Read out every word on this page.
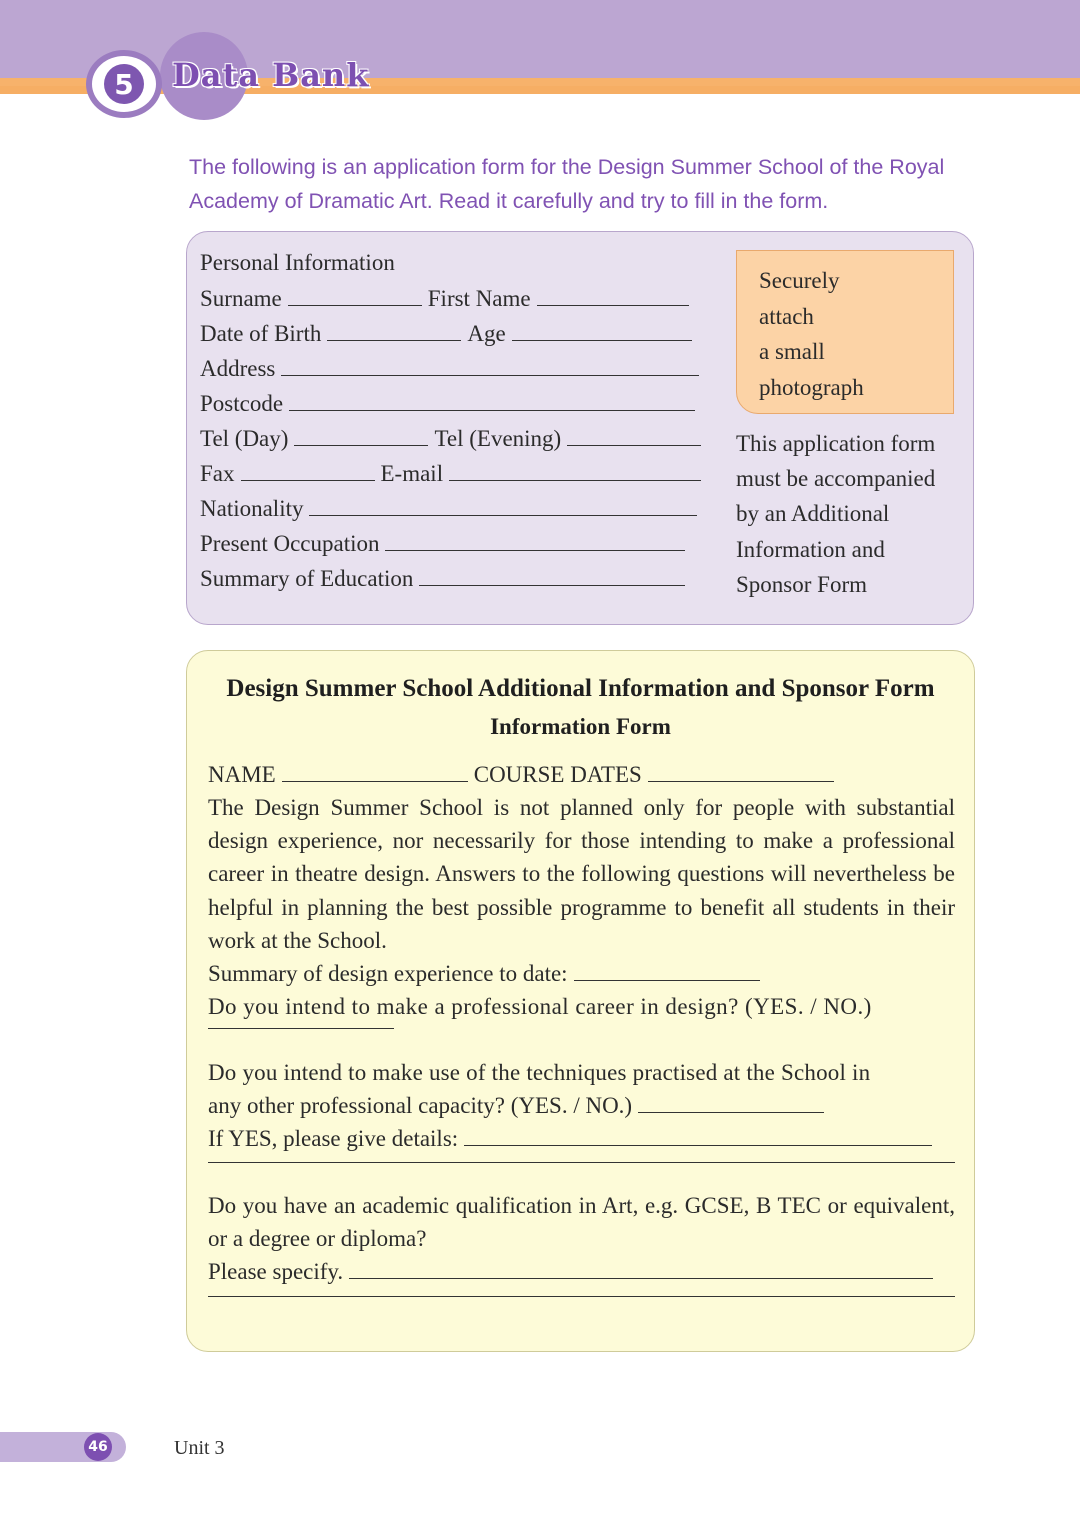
5	Data Bank

The following is an application form for the Design Summer School of the Royal Academy of Dramatic Art. Read it carefully and try to fill in the form.

Personal Information
Surname	First Name
Date of Birth	Age
Address
Postcode
Tel (Day)	Tel (Evening)
Fax	E-mail
Nationality
Present Occupation
Summary of Education
Securely
attach
a small
photograph
This application form
must be accompanied
by an Additional
Information and
Sponsor Form
Design Summer School Additional Information and Sponsor Form
Information Form
NAME	COURSE DATES
The Design Summer School is not planned only for people with substantial design experience, nor necessarily for those intending to make a professional career in theatre design. Answers to the following questions will nevertheless be helpful in planning the best possible programme to benefit all students in their work at the School.
Summary of design experience to date:
Do you intend to make a professional career in design? (YES. / NO.)
Do you intend to make use of the techniques practised at the School in
any other professional capacity? (YES. / NO.)
If YES, please give details:
Do you have an academic qualification in Art, e.g. GCSE, B TEC or equivalent, or a degree or diploma?
Please specify.
46	Unit 3
